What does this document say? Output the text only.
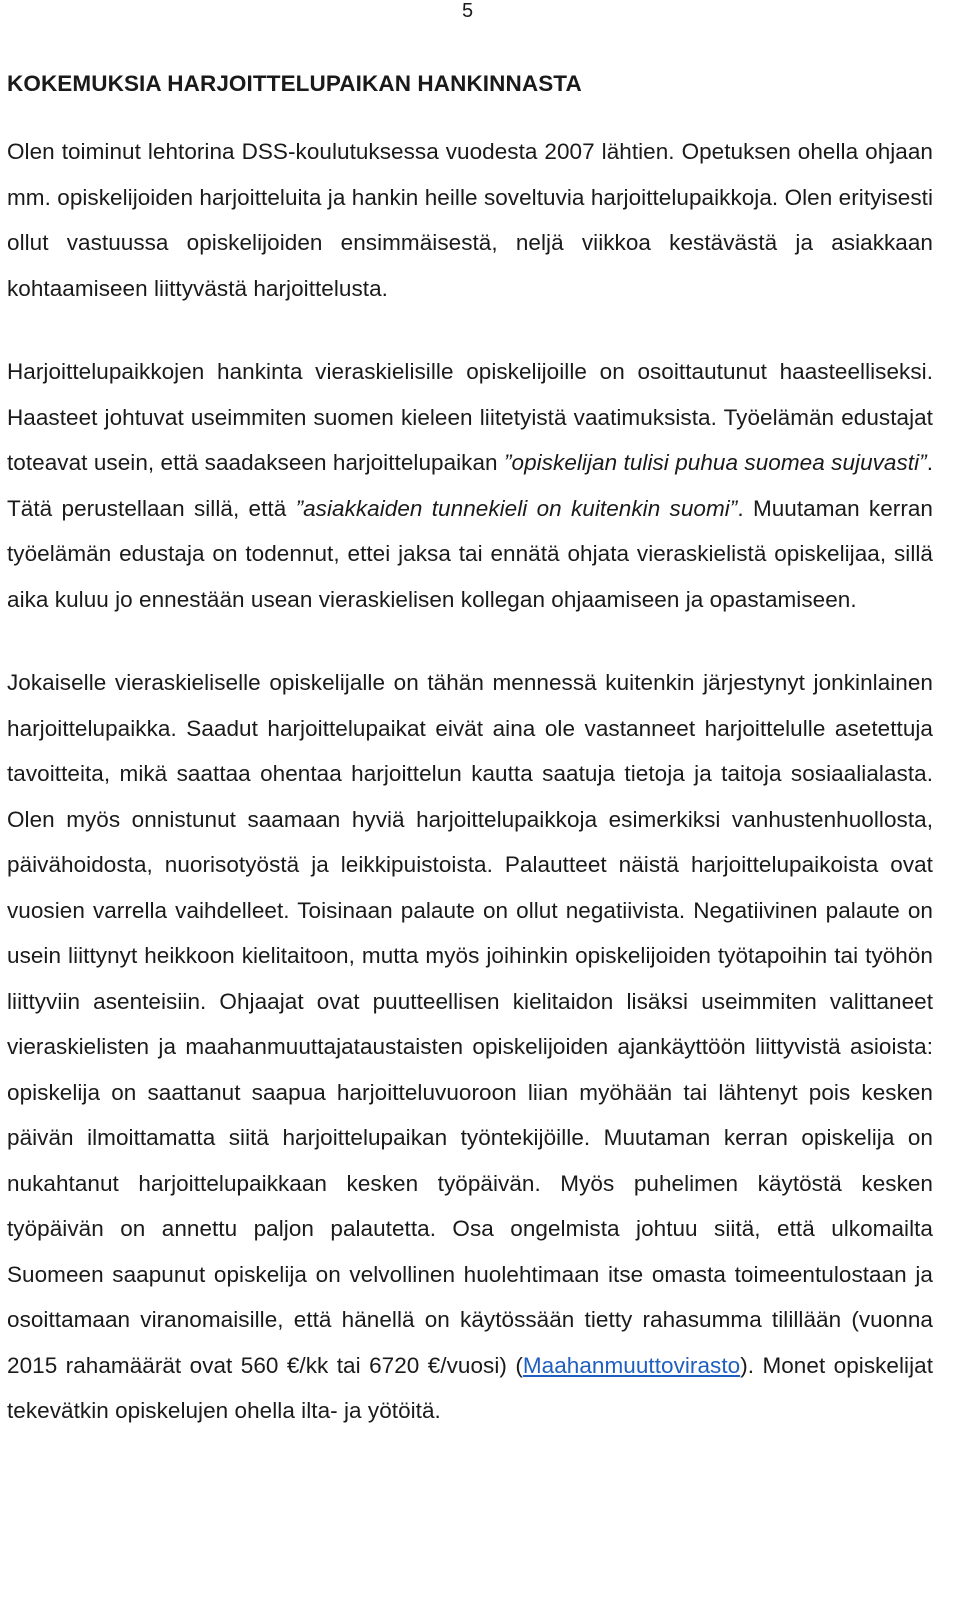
5
KOKEMUKSIA HARJOITTELUPAIKAN HANKINNASTA

Olen toiminut lehtorina DSS-koulutuksessa vuodesta 2007 lähtien. Opetuksen ohella ohjaan mm. opiskelijoiden harjoitteluita ja hankin heille soveltuvia harjoittelupaikkoja. Olen erityisesti ollut vastuussa opiskelijoiden ensimmäisestä, neljä viikkoa kestävästä ja asiakkaan kohtaamiseen liittyvästä harjoittelusta.

Harjoittelupaikkojen hankinta vieraskielisille opiskelijoille on osoittautunut haasteelliseksi. Haasteet johtuvat useimmiten suomen kieleen liitetyistä vaatimuksista. Työelämän edustajat toteavat usein, että saadakseen harjoittelupaikan ”opiskelijan tulisi puhua suomea sujuvasti”. Tätä perustellaan sillä, että ”asiakkaiden tunnekieli on kuitenkin suomi”. Muutaman kerran työelämän edustaja on todennut, ettei jaksa tai ennätä ohjata vieraskielistä opiskelijaa, sillä aika kuluu jo ennestään usean vieraskielisen kollegan ohjaamiseen ja opastamiseen.

Jokaiselle vieraskieliselle opiskelijalle on tähän mennessä kuitenkin järjestynyt jonkinlainen harjoittelupaikka. Saadut harjoittelupaikat eivät aina ole vastanneet harjoittelulle asetettuja tavoitteita, mikä saattaa ohentaa harjoittelun kautta saatuja tietoja ja taitoja sosiaalialasta. Olen myös onnistunut saamaan hyviä harjoittelupaikkoja esimerkiksi vanhustenhuollosta, päivähoidosta, nuorisotyöstä ja leikkipuistoista. Palautteet näistä harjoittelupaikoista ovat vuosien varrella vaihdelleet. Toisinaan palaute on ollut negatiivista. Negatiivinen palaute on usein liittynyt heikkoon kielitaitoon, mutta myös joihinkin opiskelijoiden työtapoihin tai työhön liittyviin asenteisiin. Ohjaajat ovat puutteellisen kielitaidon lisäksi useimmiten valittaneet vieraskielisten ja maahanmuuttajataustaisten opiskelijoiden ajankäyttöön liittyvistä asioista: opiskelija on saattanut saapua harjoitteluvuoroon liian myöhään tai lähtenyt pois kesken päivän ilmoittamatta siitä harjoittelupaikan työntekijöille. Muutaman kerran opiskelija on nukahtanut harjoittelupaikkaan kesken työpäivän. Myös puhelimen käytöstä kesken työpäivän on annettu paljon palautetta. Osa ongelmista johtuu siitä, että ulkomailta Suomeen saapunut opiskelija on velvollinen huolehtimaan itse omasta toimeentulostaan ja osoittamaan viranomaisille, että hänellä on käytössään tietty rahasumma tilillään (vuonna 2015 rahamäärät ovat 560 €/kk tai 6720 €/vuosi) (Maahanmuuttovirasto). Monet opiskelijat tekevätkin opiskelujen ohella ilta- ja yötöitä.
